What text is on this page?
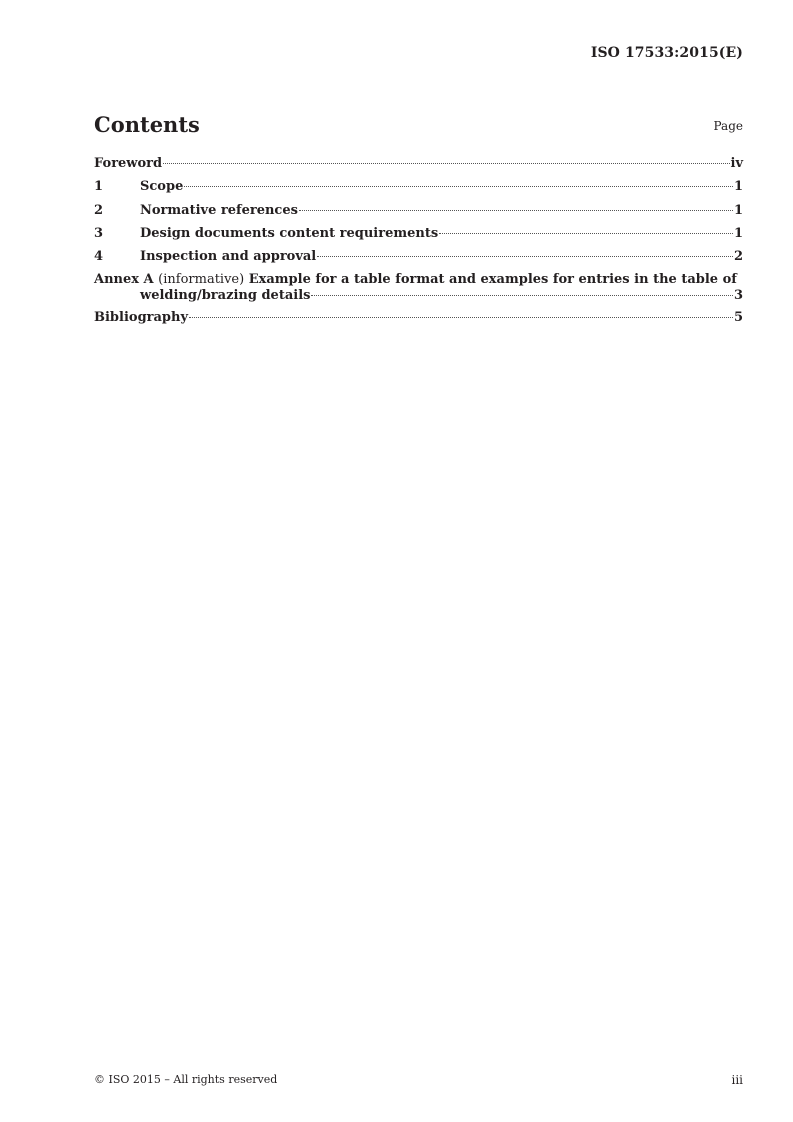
ISO 17533:2015(E)
Contents	Page
Foreword	iv
1	Scope	1
2	Normative references	1
3	Design documents content requirements	1
4	Inspection and approval	2
Annex A (informative) Example for a table format and examples for entries in the table of
welding/brazing details	3
Bibliography	5
© ISO 2015 – All rights reserved	iii
